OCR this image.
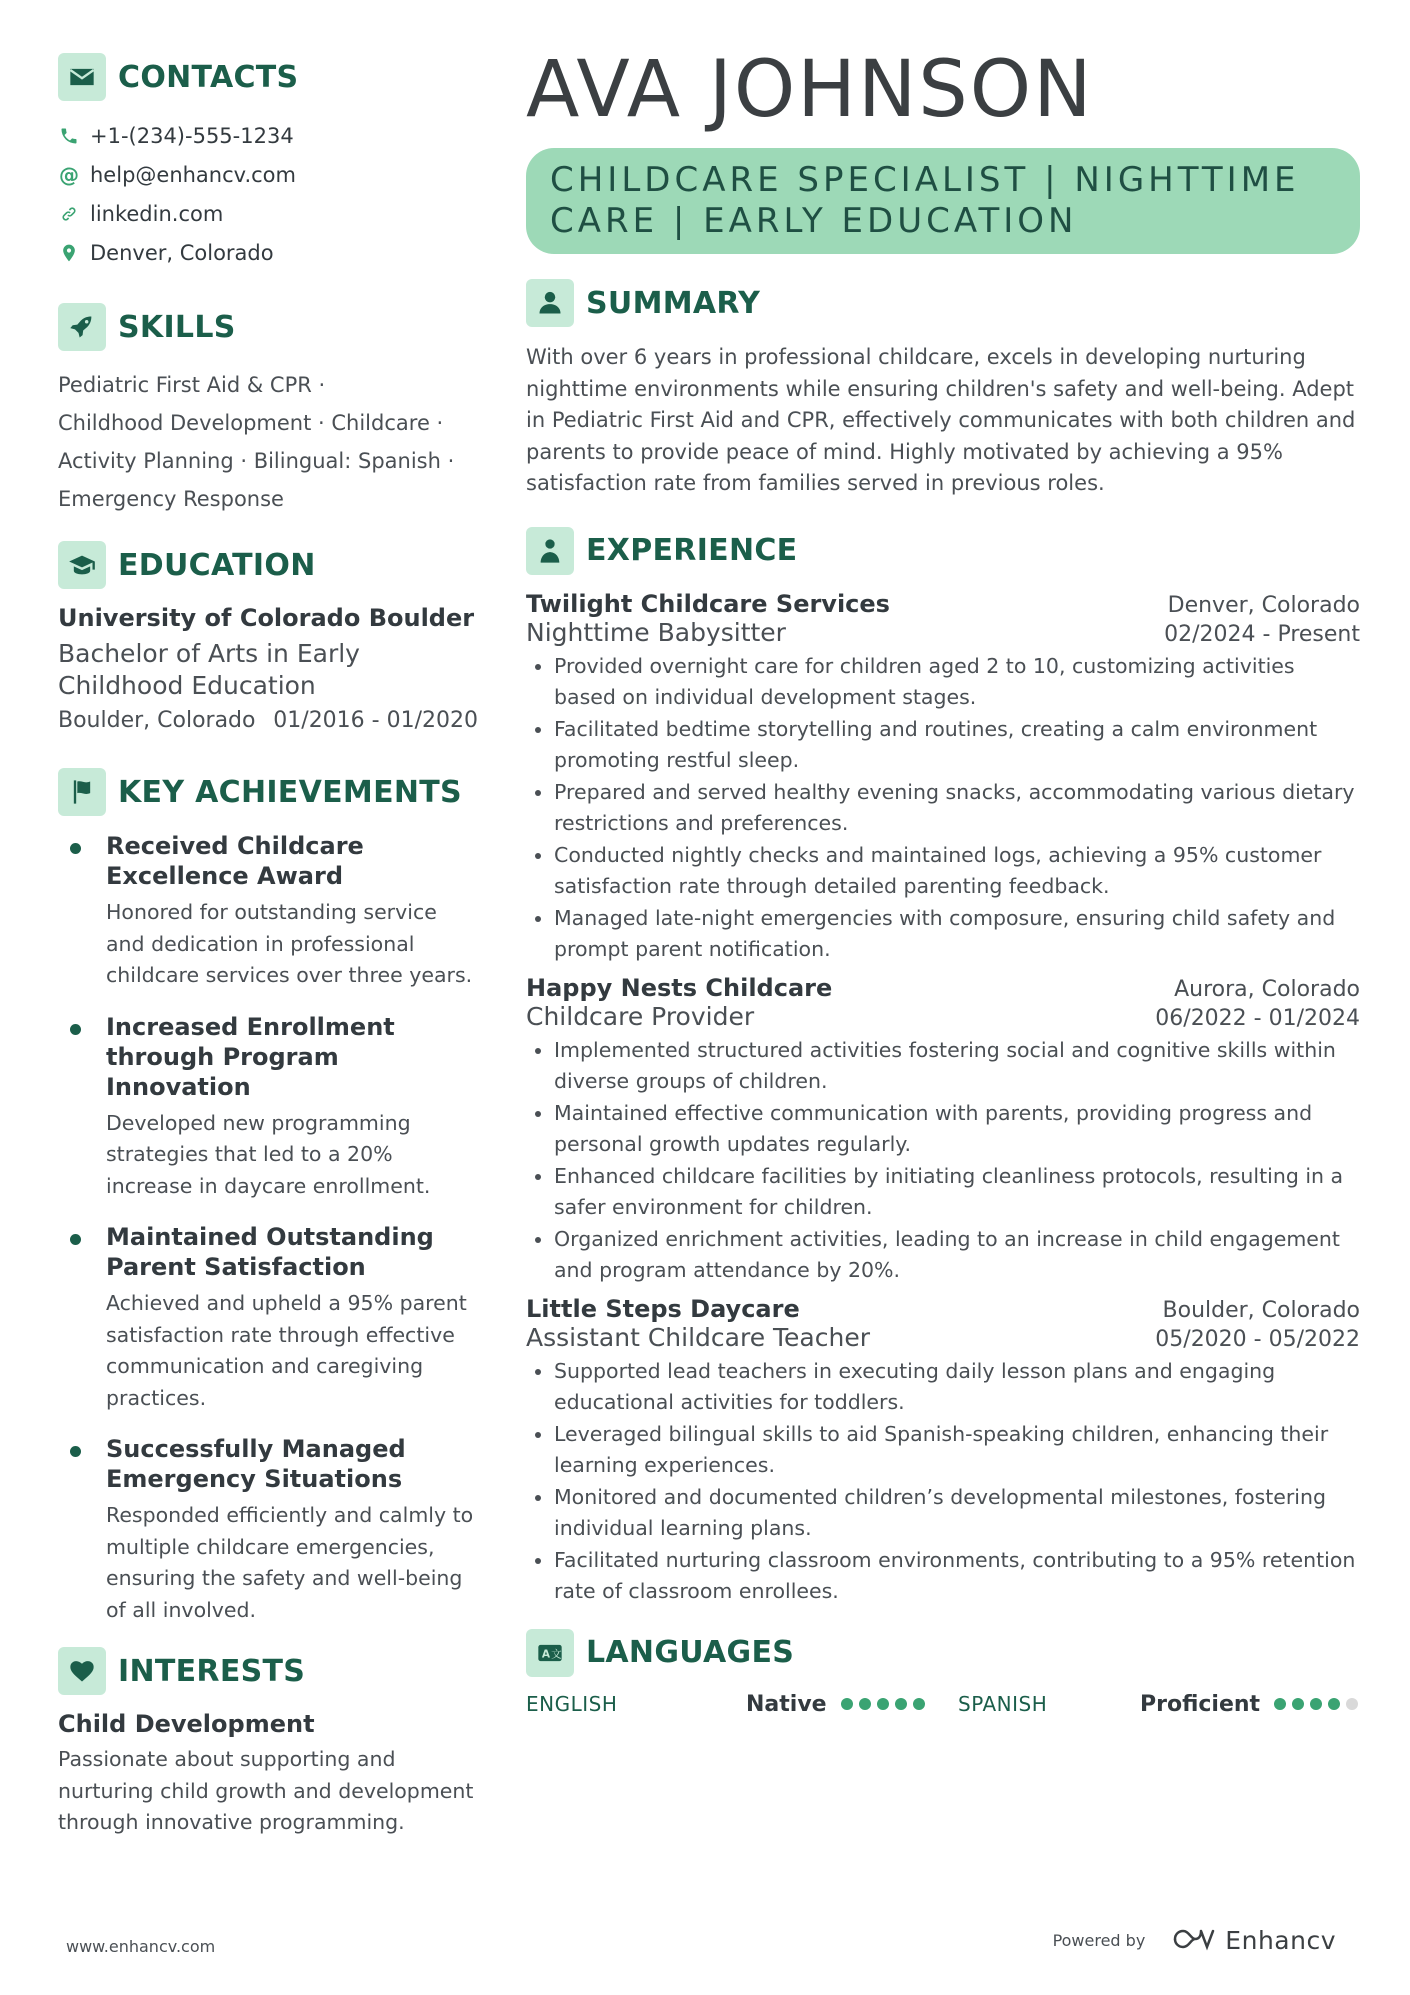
CONTACTS
+1-(234)-555-1234
@ help@enhancv.com
linkedin.com
Denver, Colorado
SKILLS
Pediatric First Aid & CPR ·
Childhood Development · Childcare ·
Activity Planning · Bilingual: Spanish ·
Emergency Response
EDUCATION
University of Colorado Boulder
Bachelor of Arts in Early Childhood Education
Boulder, Colorado 01/2016 - 01/2020
KEY ACHIEVEMENTS
Received Childcare Excellence Award
Honored for outstanding service and dedication in professional childcare services over three years.
Increased Enrollment through Program Innovation
Developed new programming strategies that led to a 20% increase in daycare enrollment.
Maintained Outstanding Parent Satisfaction
Achieved and upheld a 95% parent satisfaction rate through effective communication and caregiving practices.
Successfully Managed Emergency Situations
Responded efficiently and calmly to multiple childcare emergencies, ensuring the safety and well-being of all involved.
INTERESTS
Child Development
Passionate about supporting and nurturing child growth and development through innovative programming.
AVA JOHNSON
CHILDCARE SPECIALIST | NIGHTTIME CARE | EARLY EDUCATION
SUMMARY
With over 6 years in professional childcare, excels in developing nurturing nighttime environments while ensuring children's safety and well-being. Adept in Pediatric First Aid and CPR, effectively communicates with both children and parents to provide peace of mind. Highly motivated by achieving a 95% satisfaction rate from families served in previous roles.
EXPERIENCE
Twilight Childcare Services	Denver, Colorado
Nighttime Babysitter	02/2024 - Present
• Provided overnight care for children aged 2 to 10, customizing activities based on individual development stages.
• Facilitated bedtime storytelling and routines, creating a calm environment promoting restful sleep.
• Prepared and served healthy evening snacks, accommodating various dietary restrictions and preferences.
• Conducted nightly checks and maintained logs, achieving a 95% customer satisfaction rate through detailed parenting feedback.
• Managed late-night emergencies with composure, ensuring child safety and prompt parent notification.
Happy Nests Childcare	Aurora, Colorado
Childcare Provider	06/2022 - 01/2024
• Implemented structured activities fostering social and cognitive skills within diverse groups of children.
• Maintained effective communication with parents, providing progress and personal growth updates regularly.
• Enhanced childcare facilities by initiating cleanliness protocols, resulting in a safer environment for children.
• Organized enrichment activities, leading to an increase in child engagement and program attendance by 20%.
Little Steps Daycare	Boulder, Colorado
Assistant Childcare Teacher	05/2020 - 05/2022
• Supported lead teachers in executing daily lesson plans and engaging educational activities for toddlers.
• Leveraged bilingual skills to aid Spanish-speaking children, enhancing their learning experiences.
• Monitored and documented children’s developmental milestones, fostering individual learning plans.
• Facilitated nurturing classroom environments, contributing to a 95% retention rate of classroom enrollees.
A 文 LANGUAGES
ENGLISH	Native	SPANISH	Proficient
www.enhancv.com	Powered by	Enhancv
